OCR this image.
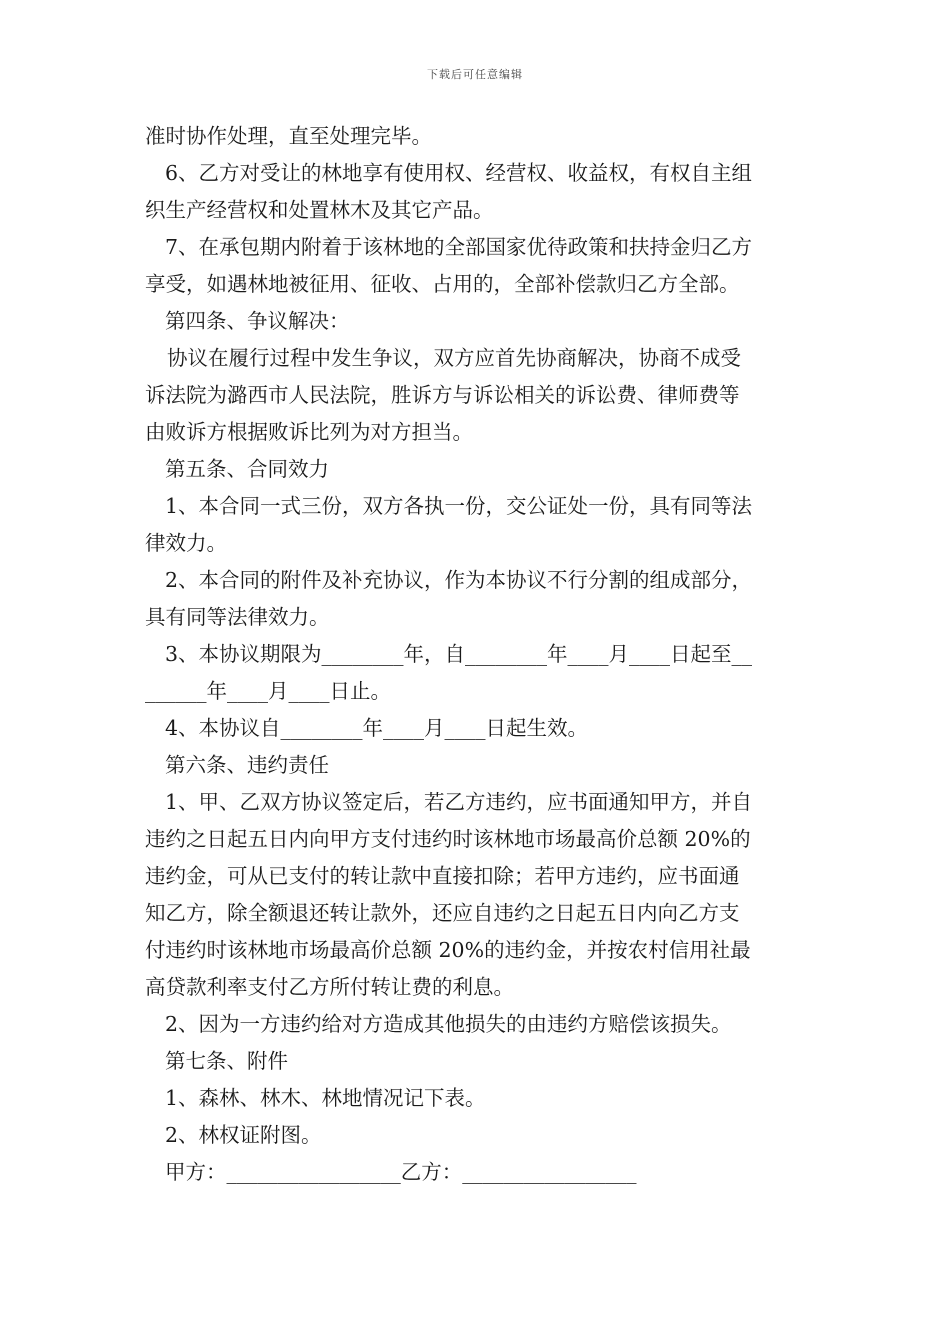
下载后可任意编辑
准时协作处理，直至处理完毕。
6、乙方对受让的林地享有使用权、经营权、收益权，有权自主组
织生产经营权和处置林木及其它产品。
7、在承包期内附着于该林地的全部国家优待政策和扶持金归乙方
享受，如遇林地被征用、征收、占用的，全部补偿款归乙方全部。
第四条、争议解决：
协议在履行过程中发生争议，双方应首先协商解决，协商不成受
诉法院为潞西市人民法院，胜诉方与诉讼相关的诉讼费、律师费等
由败诉方根据败诉比列为对方担当。
第五条、合同效力
1、本合同一式三份，双方各执一份，交公证处一份，具有同等法
律效力。
2、本合同的附件及补充协议，作为本协议不行分割的组成部分，
具有同等法律效力。
3、本协议期限为________年，自________年____月____日起至__
______年____月____日止。
4、本协议自________年____月____日起生效。
第六条、违约责任
1、甲、乙双方协议签定后，若乙方违约，应书面通知甲方，并自
违约之日起五日内向甲方支付违约时该林地市场最高价总额 20%的
违约金，可从已支付的转让款中直接扣除；若甲方违约，应书面通
知乙方，除全额退还转让款外，还应自违约之日起五日内向乙方支
付违约时该林地市场最高价总额 20%的违约金，并按农村信用社最
高贷款利率支付乙方所付转让费的利息。
2、因为一方违约给对方造成其他损失的由违约方赔偿该损失。
第七条、附件
1、森林、林木、林地情况记下表。
2、林权证附图。
甲方：_________________乙方：_________________
